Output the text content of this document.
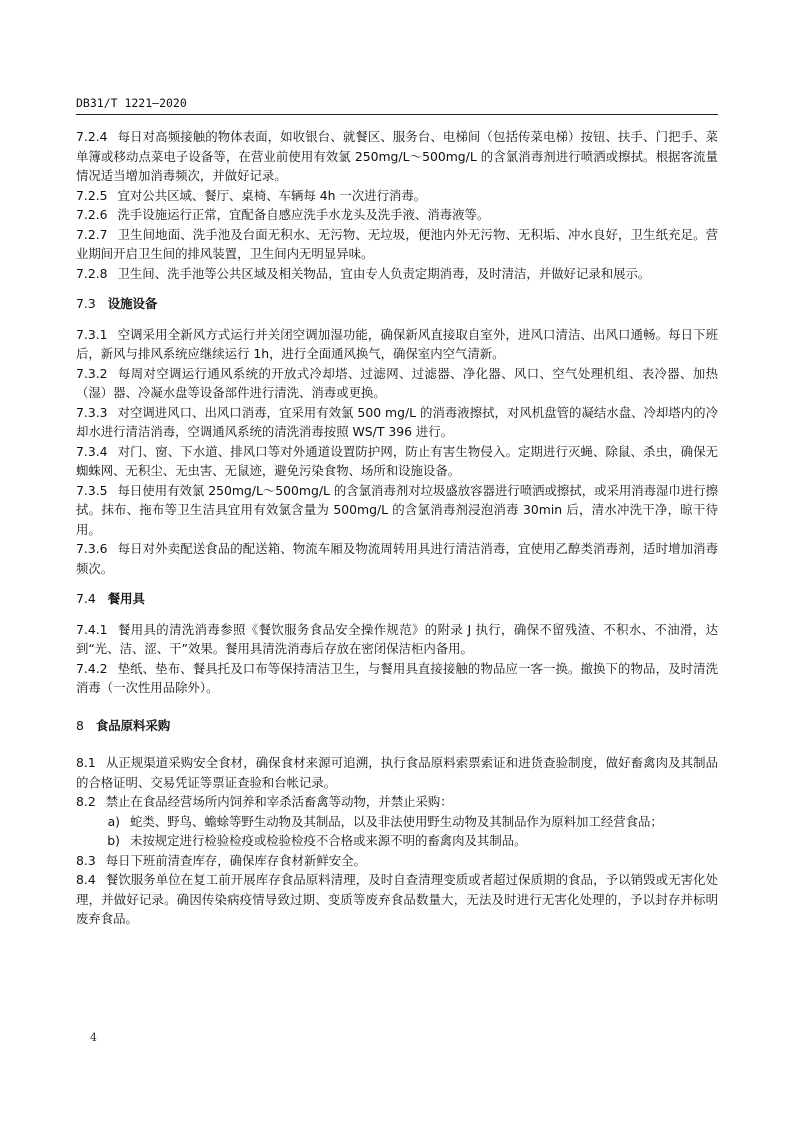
DB31/T 1221—2020

7.2.4 每日对高频接触的物体表面，如收银台、就餐区、服务台、电梯间（包括传菜电梯）按钮、扶手、门把手、菜单簿或移动点菜电子设备等，在营业前使用有效氯 250mg/L～500mg/L 的含氯消毒剂进行喷洒或擦拭。根据客流量情况适当增加消毒频次，并做好记录。

7.2.5 宜对公共区域、餐厅、桌椅、车辆每 4h 一次进行消毒。

7.2.6 洗手设施运行正常，宜配备自感应洗手水龙头及洗手液、消毒液等。

7.2.7 卫生间地面、洗手池及台面无积水、无污物、无垃圾，便池内外无污物、无积垢、冲水良好，卫生纸充足。营业期间开启卫生间的排风装置，卫生间内无明显异味。

7.2.8 卫生间、洗手池等公共区域及相关物品，宜由专人负责定期消毒，及时清洁，并做好记录和展示。

7.3 设施设备

7.3.1 空调采用全新风方式运行并关闭空调加湿功能，确保新风直接取自室外，进风口清洁、出风口通畅。每日下班后，新风与排风系统应继续运行 1h，进行全面通风换气，确保室内空气清新。

7.3.2 每周对空调运行通风系统的开放式冷却塔、过滤网、过滤器、净化器、风口、空气处理机组、表冷器、加热（湿）器、冷凝水盘等设备部件进行清洗、消毒或更换。

7.3.3 对空调进风口、出风口消毒，宜采用有效氯 500 mg/L 的消毒液擦拭，对风机盘管的凝结水盘、冷却塔内的冷却水进行清洁消毒，空调通风系统的清洗消毒按照 WS/T 396 进行。

7.3.4 对门、窗、下水道、排风口等对外通道设置防护网，防止有害生物侵入。定期进行灭蝇、除鼠、杀虫，确保无蜘蛛网、无积尘、无虫害、无鼠迹，避免污染食物、场所和设施设备。

7.3.5 每日使用有效氯 250mg/L～500mg/L 的含氯消毒剂对垃圾盛放容器进行喷洒或擦拭，或采用消毒湿巾进行擦拭。抹布、拖布等卫生洁具宜用有效氯含量为 500mg/L 的含氯消毒剂浸泡消毒 30min 后，清水冲洗干净，晾干待用。

7.3.6 每日对外卖配送食品的配送箱、物流车厢及物流周转用具进行清洁消毒，宜使用乙醇类消毒剂，适时增加消毒频次。

7.4 餐用具

7.4.1 餐用具的清洗消毒参照《餐饮服务食品安全操作规范》的附录 J 执行，确保不留残渣、不积水、不油滑，达到“光、洁、涩、干”效果。餐用具清洗消毒后存放在密闭保洁柜内备用。

7.4.2 垫纸、垫布、餐具托及口布等保持清洁卫生，与餐用具直接接触的物品应一客一换。撤换下的物品，及时清洗消毒（一次性用品除外）。

8 食品原料采购

8.1 从正规渠道采购安全食材，确保食材来源可追溯，执行食品原料索票索证和进货查验制度，做好畜禽肉及其制品的合格证明、交易凭证等票证查验和台帐记录。

8.2 禁止在食品经营场所内饲养和宰杀活畜禽等动物，并禁止采购：

a) 蛇类、野鸟、蟾蜍等野生动物及其制品，以及非法使用野生动物及其制品作为原料加工经营食品；
b) 未按规定进行检验检疫或检验检疫不合格或来源不明的畜禽肉及其制品。

8.3 每日下班前清查库存，确保库存食材新鲜安全。

8.4 餐饮服务单位在复工前开展库存食品原料清理，及时自查清理变质或者超过保质期的食品，予以销毁或无害化处理，并做好记录。确因传染病疫情导致过期、变质等废弃食品数量大，无法及时进行无害化处理的，予以封存并标明废弃食品。

4
